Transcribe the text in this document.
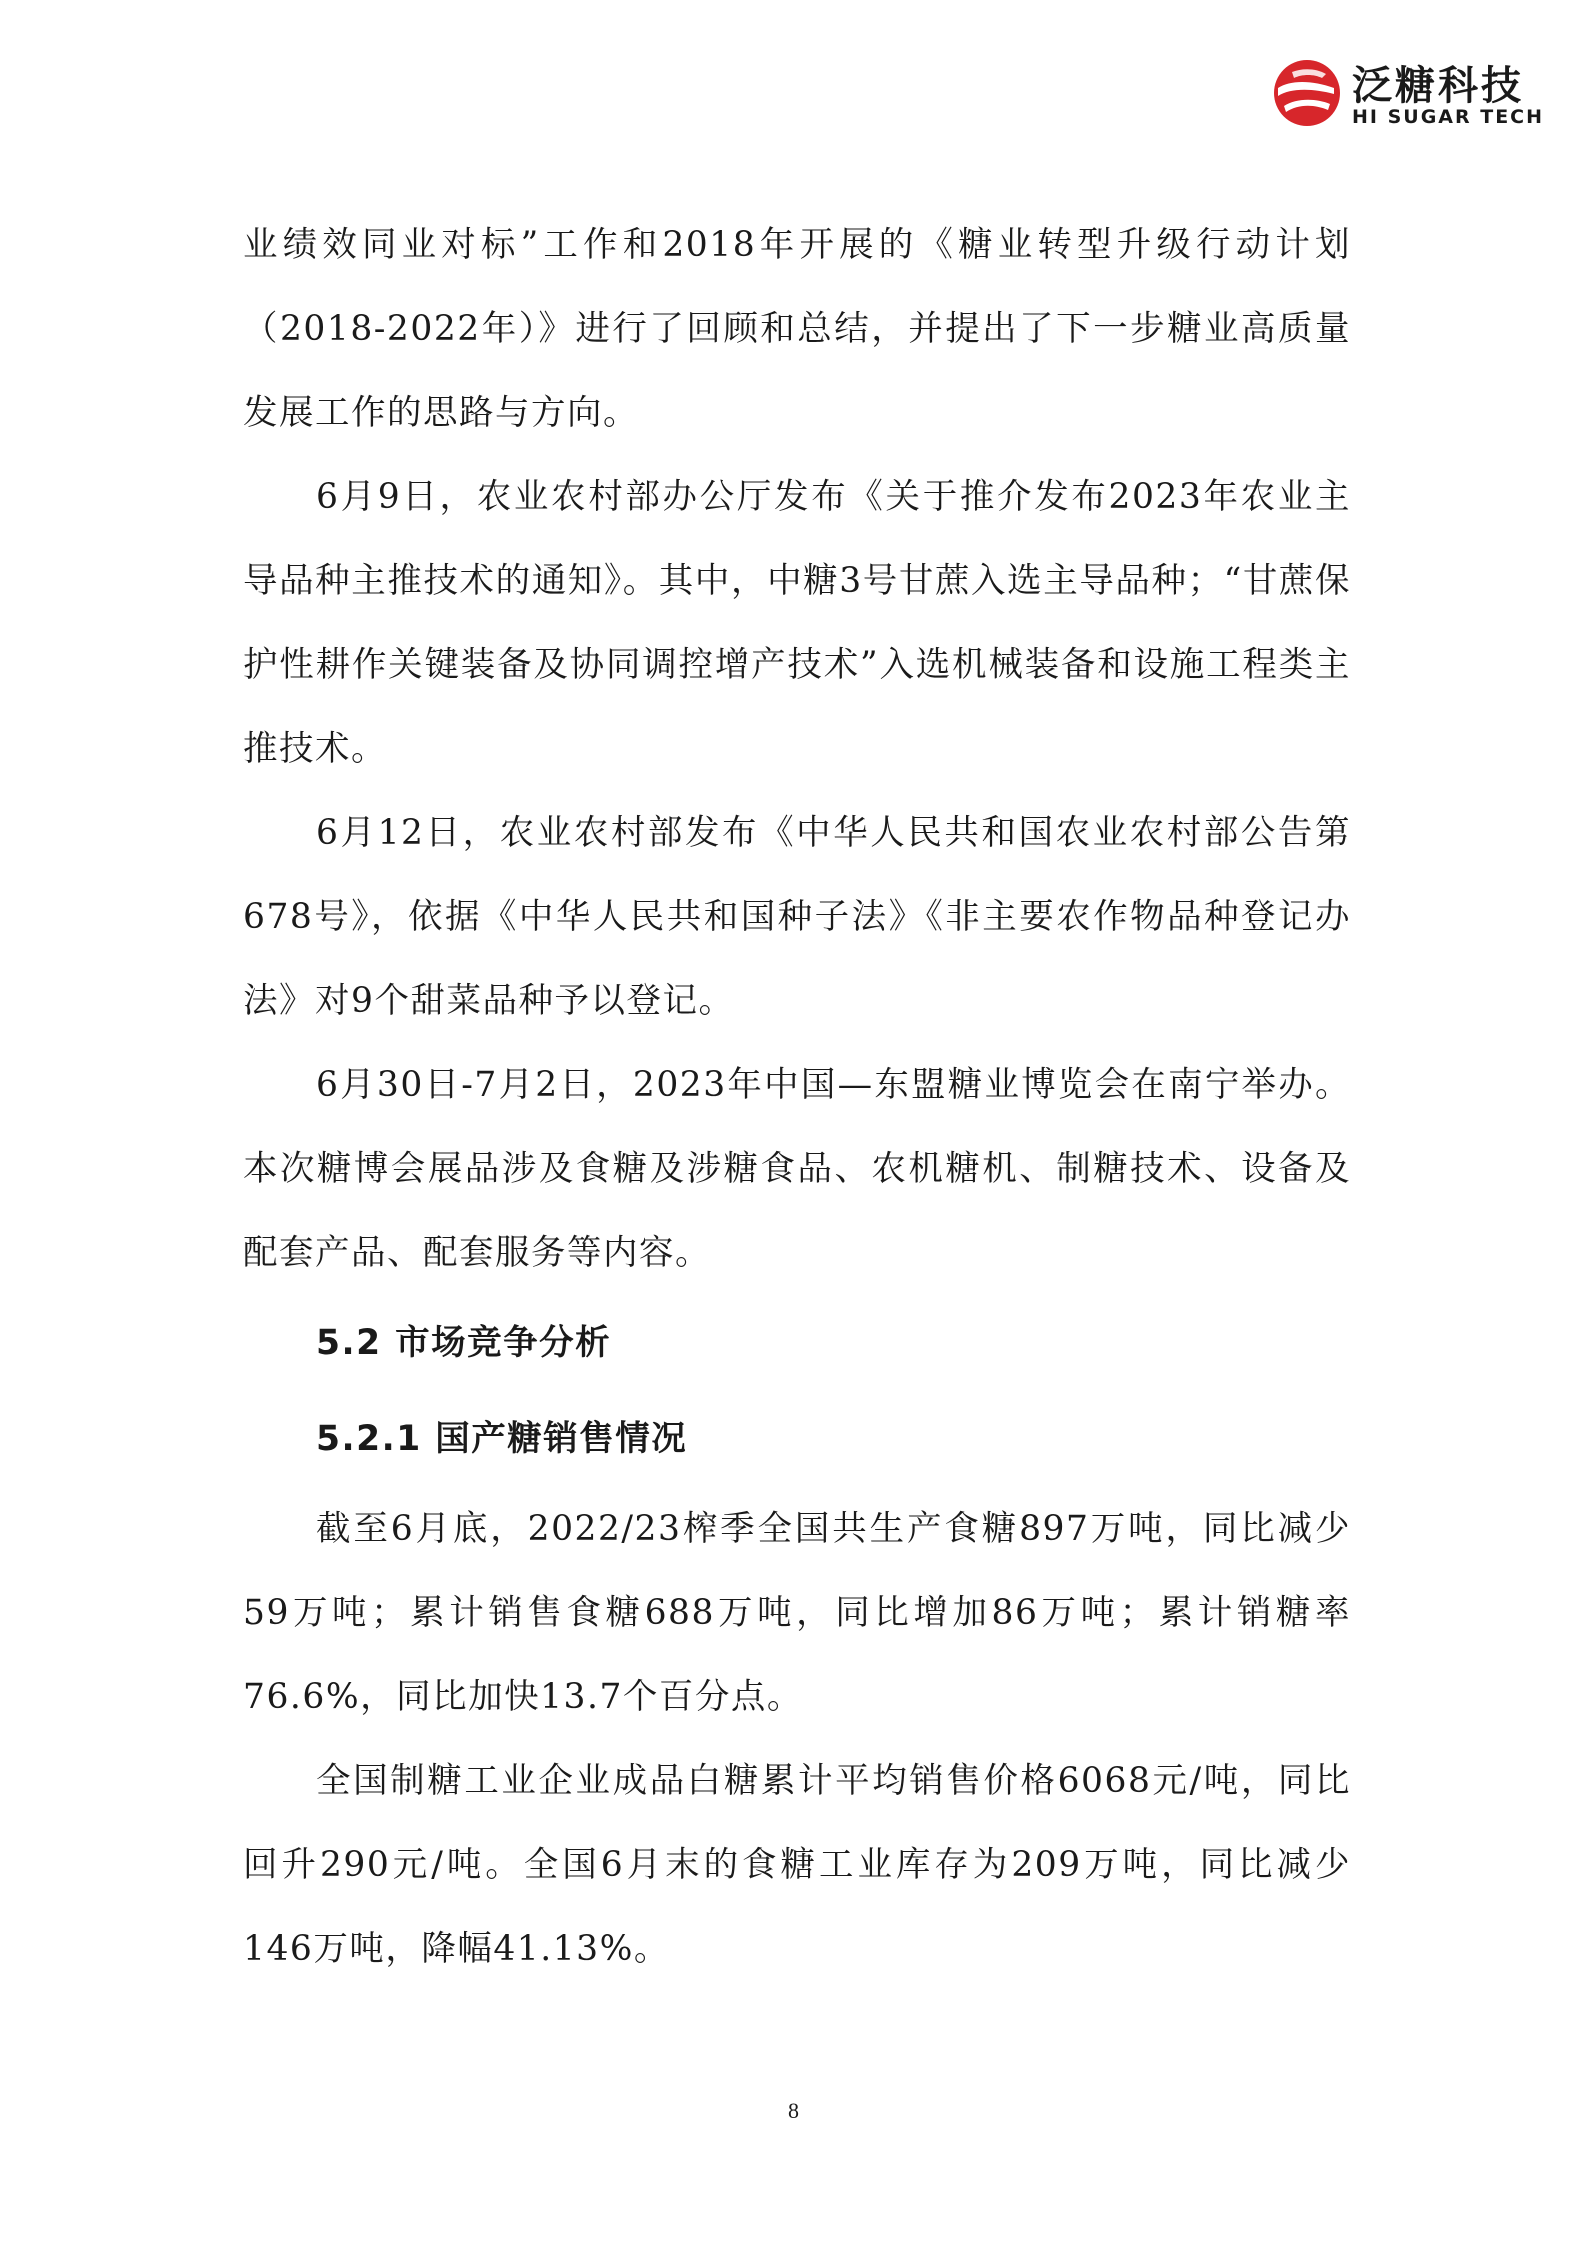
泛糖科技
HI SUGAR TECH

业绩效同业对标”工作和2018年开展的《糖业转型升级行动计划（2018-2022年）》进行了回顾和总结，并提出了下一步糖业高质量发展工作的思路与方向。

6月9日，农业农村部办公厅发布《关于推介发布2023年农业主导品种主推技术的通知》。其中，中糖3号甘蔗入选主导品种；“甘蔗保护性耕作关键装备及协同调控增产技术”入选机械装备和设施工程类主推技术。

6月12日，农业农村部发布《中华人民共和国农业农村部公告第678号》，依据《中华人民共和国种子法》《非主要农作物品种登记办法》对9个甜菜品种予以登记。

6月30日-7月2日，2023年中国—东盟糖业博览会在南宁举办。本次糖博会展品涉及食糖及涉糖食品、农机糖机、制糖技术、设备及配套产品、配套服务等内容。

5.2 市场竞争分析
5.2.1 国产糖销售情况

截至6月底，2022/23榨季全国共生产食糖897万吨，同比减少59万吨；累计销售食糖688万吨，同比增加86万吨；累计销糖率76.6%，同比加快13.7个百分点。

全国制糖工业企业成品白糖累计平均销售价格6068元/吨，同比回升290元/吨。全国6月末的食糖工业库存为209万吨，同比减少146万吨，降幅41.13%。

8
